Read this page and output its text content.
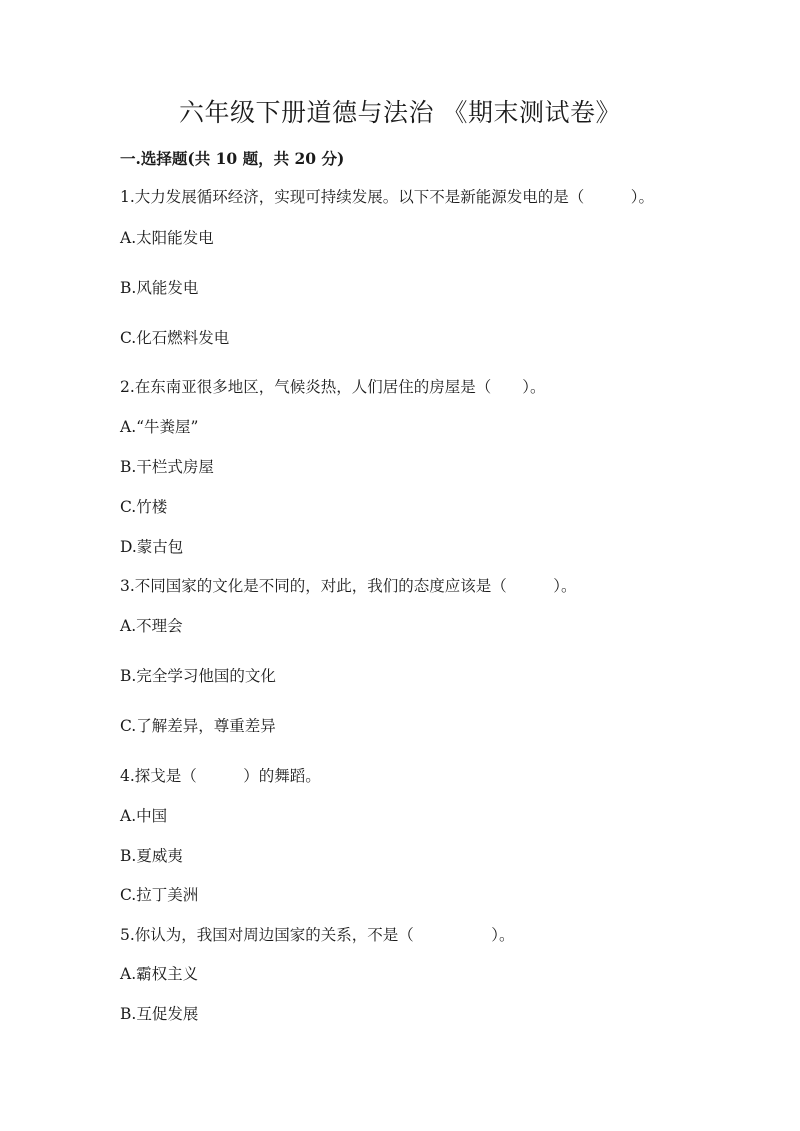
六年级下册道德与法治 《期末测试卷》
一.选择题(共 10 题，共 20 分)
1.大力发展循环经济，实现可持续发展。以下不是新能源发电的是（　　　）。
A.太阳能发电
B.风能发电
C.化石燃料发电
2.在东南亚很多地区，气候炎热，人们居住的房屋是（　　）。
A.“牛粪屋”
B.干栏式房屋
C.竹楼
D.蒙古包
3.不同国家的文化是不同的，对此，我们的态度应该是（　　　）。
A.不理会
B.完全学习他国的文化
C.了解差异，尊重差异
4.探戈是（　　　）的舞蹈。
A.中国
B.夏威夷
C.拉丁美洲
5.你认为，我国对周边国家的关系，不是（　　　　　）。
A.霸权主义
B.互促发展
